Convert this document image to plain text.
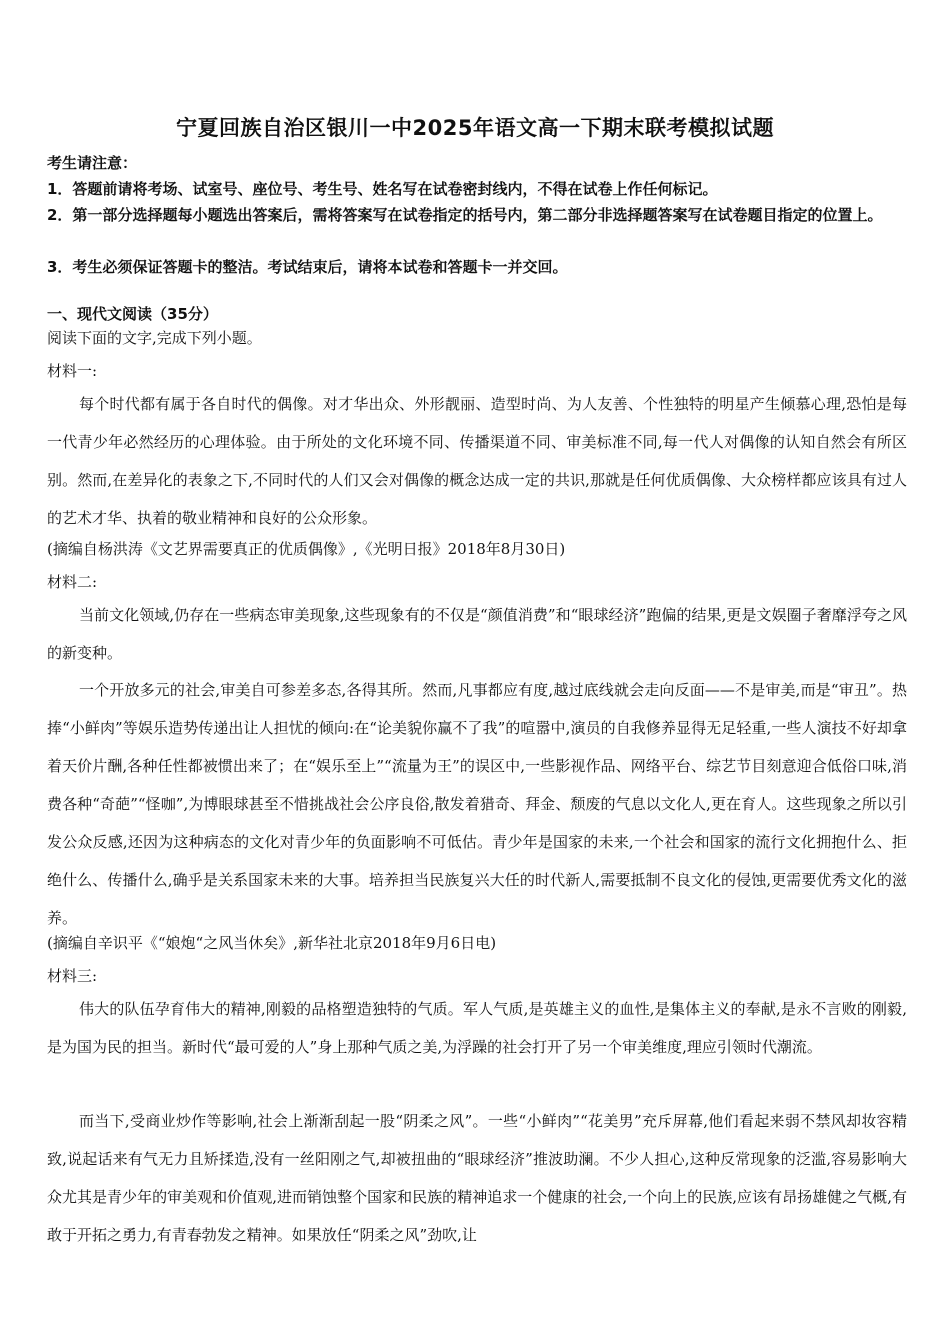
宁夏回族自治区银川一中2025年语文高一下期末联考模拟试题
考生请注意：
1．答题前请将考场、试室号、座位号、考生号、姓名写在试卷密封线内，不得在试卷上作任何标记。
2．第一部分选择题每小题选出答案后，需将答案写在试卷指定的括号内，第二部分非选择题答案写在试卷题目指定的位置上。
3．考生必须保证答题卡的整洁。考试结束后，请将本试卷和答题卡一并交回。
一、现代文阅读（35分）
阅读下面的文字,完成下列小题。
材料一:

每个时代都有属于各自时代的偶像。对才华出众、外形靓丽、造型时尚、为人友善、个性独特的明星产生倾慕心理,恐怕是每一代青少年必然经历的心理体验。由于所处的文化环境不同、传播渠道不同、审美标准不同,每一代人对偶像的认知自然会有所区别。然而,在差异化的表象之下,不同时代的人们又会对偶像的概念达成一定的共识,那就是任何优质偶像、大众榜样都应该具有过人的艺术才华、执着的敬业精神和良好的公众形象。

(摘编自杨洪涛《文艺界需要真正的优质偶像》,《光明日报》2018年8月30日)
材料二:

当前文化领域,仍存在一些病态审美现象,这些现象有的不仅是“颜值消费”和“眼球经济”跑偏的结果,更是文娱圈子奢靡浮夸之风的新变种。

一个开放多元的社会,审美自可参差多态,各得其所。然而,凡事都应有度,越过底线就会走向反面——不是审美,而是“审丑”。热捧“小鲜肉”等娱乐造势传递出让人担忧的倾向:在“论美貌你赢不了我”的喧嚣中,演员的自我修养显得无足轻重,一些人演技不好却拿着天价片酬,各种任性都被惯出来了；在“娱乐至上”“流量为王”的误区中,一些影视作品、网络平台、综艺节目刻意迎合低俗口味,消费各种“奇葩”“怪咖”,为博眼球甚至不惜挑战社会公序良俗,散发着猎奇、拜金、颓废的气息以文化人,更在育人。这些现象之所以引发公众反感,还因为这种病态的文化对青少年的负面影响不可低估。青少年是国家的未来,一个社会和国家的流行文化拥抱什么、拒绝什么、传播什么,确乎是关系国家未来的大事。培养担当民族复兴大任的时代新人,需要抵制不良文化的侵蚀,更需要优秀文化的滋养。

(摘编自辛识平《“娘炮“之风当休矣》,新华社北京2018年9月6日电)
材料三:

伟大的队伍孕育伟大的精神,刚毅的品格塑造独特的气质。军人气质,是英雄主义的血性,是集体主义的奉献,是永不言败的刚毅,是为国为民的担当。新时代“最可爱的人”身上那种气质之美,为浮躁的社会打开了另一个审美维度,理应引领时代潮流。

而当下,受商业炒作等影响,社会上渐渐刮起一股“阴柔之风”。一些“小鲜肉”“花美男”充斥屏幕,他们看起来弱不禁风却妆容精致,说起话来有气无力且矫揉造,没有一丝阳刚之气,却被扭曲的“眼球经济”推波助澜。不少人担心,这种反常现象的泛滥,容易影响大众尤其是青少年的审美观和价值观,进而销蚀整个国家和民族的精神追求一个健康的社会,一个向上的民族,应该有昂扬雄健之气概,有敢于开拓之勇力,有青春勃发之精神。如果放任“阴柔之风”劲吹,让
